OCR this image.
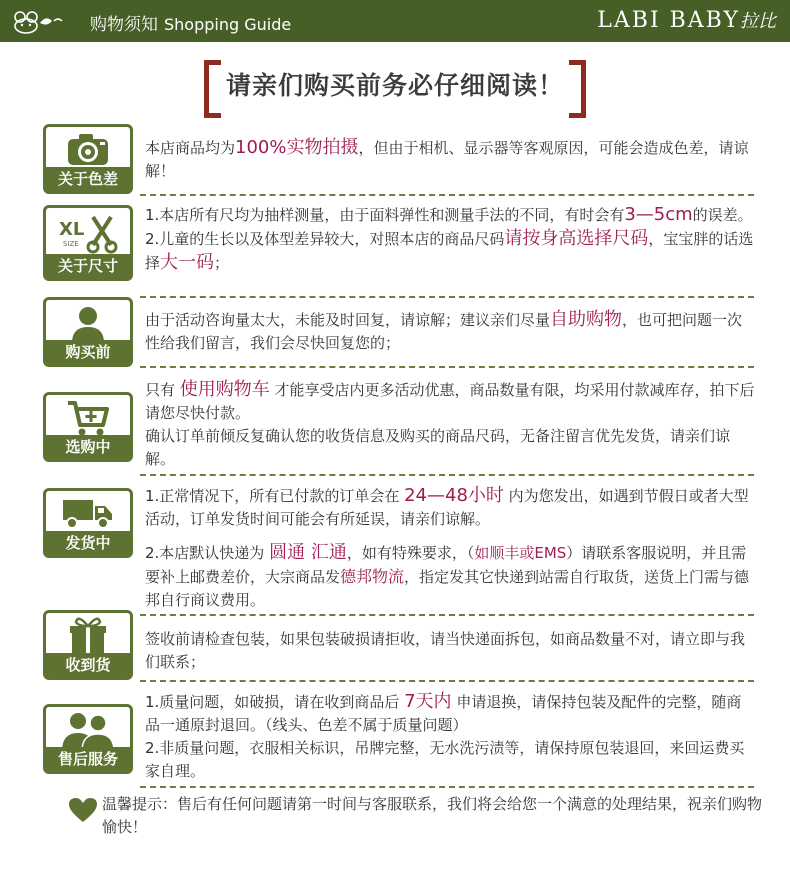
购物须知 Shopping Guide	LABI BABY拉比
请亲们购买前务必仔细阅读！
关于色差

本店商品均为100%实物拍摄，但由于相机、显示器等客观原因，可能会造成色差，请谅解！

XL
SIZE
关于尺寸

1.本店所有尺均为抽样测量，由于面料弹性和测量手法的不同，有时会有3—5cm的误差。

2.儿童的生长以及体型差异较大，对照本店的商品尺码请按身高选择尺码，宝宝胖的话选择大一码；

购买前

由于活动咨询量太大，未能及时回复，请谅解；建议亲们尽量自助购物，也可把问题一次性给我们留言，我们会尽快回复您的；

选购中

只有 使用购物车 才能享受店内更多活动优惠，商品数量有限，均采用付款减库存，拍下后请您尽快付款。

确认订单前倾反复确认您的收货信息及购买的商品尺码，无备注留言优先发货，请亲们谅解。

发货中

1.正常情况下，所有已付款的订单会在 24—48小时 内为您发出，如遇到节假日或者大型活动，订单发货时间可能会有所延误，请亲们谅解。

2.本店默认快递为 圆通 汇通，如有特殊要求，（如顺丰或EMS）请联系客服说明，并且需要补上邮费差价，大宗商品发德邦物流，指定发其它快递到站需自行取货，送货上门需与德邦自行商议费用。

收到货

签收前请检查包装，如果包装破损请拒收，请当快递面拆包，如商品数量不对，请立即与我们联系；

售后服务

1.质量问题，如破损，请在收到商品后 7天内 申请退换，请保持包装及配件的完整，随商品一通原封退回。（线头、色差不属于质量问题）

2.非质量问题，衣服相关标识，吊牌完整，无水洗污渍等，请保持原包装退回，来回运费买家自理。

温馨提示：售后有任何问题请第一时间与客服联系，我们将会给您一个满意的处理结果，祝亲们购物愉快！
